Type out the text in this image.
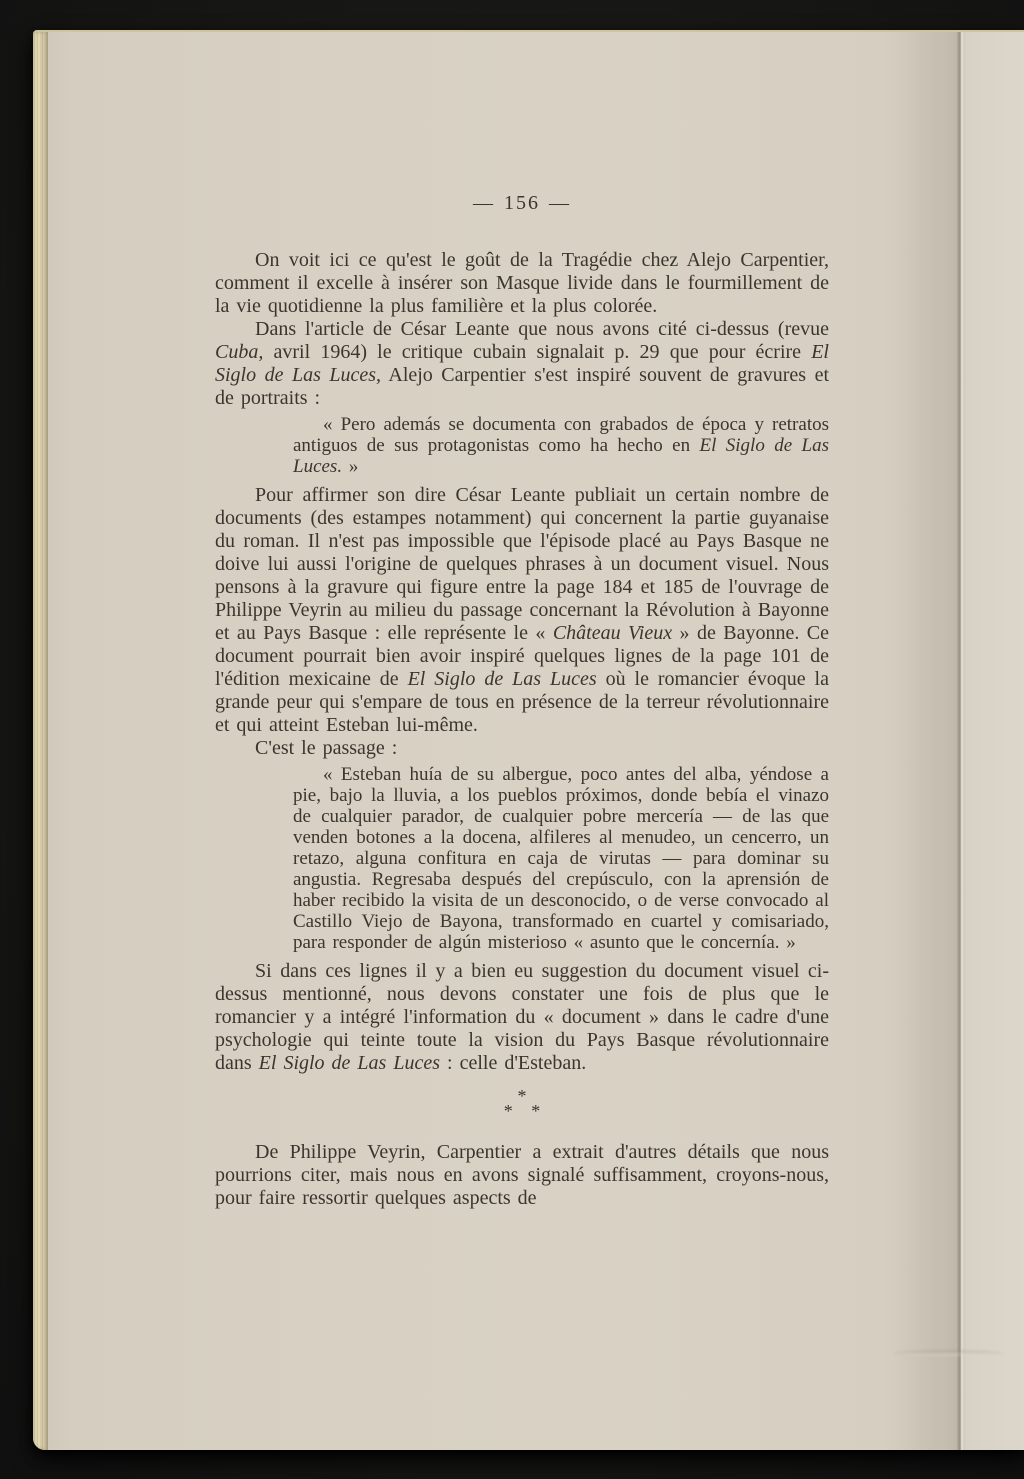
— 156 —

On voit ici ce qu'est le goût de la Tragédie chez Alejo Carpentier, comment il excelle à insérer son Masque livide dans le fourmillement de la vie quotidienne la plus familière et la plus colorée.

Dans l'article de César Leante que nous avons cité ci-dessus (revue Cuba, avril 1964) le critique cubain signalait p. 29 que pour écrire El Siglo de Las Luces, Alejo Carpentier s'est inspiré souvent de gravures et de portraits :

« Pero además se documenta con grabados de época y retratos antiguos de sus protagonistas como ha hecho en El Siglo de Las Luces. »

Pour affirmer son dire César Leante publiait un certain nombre de documents (des estampes notamment) qui concernent la partie guyanaise du roman. Il n'est pas impossible que l'épisode placé au Pays Basque ne doive lui aussi l'origine de quelques phrases à un document visuel. Nous pensons à la gravure qui figure entre la page 184 et 185 de l'ouvrage de Philippe Veyrin au milieu du passage concernant la Révolution à Bayonne et au Pays Basque : elle représente le « Château Vieux » de Bayonne. Ce document pourrait bien avoir inspiré quelques lignes de la page 101 de l'édition mexicaine de El Siglo de Las Luces où le romancier évoque la grande peur qui s'empare de tous en présence de la terreur révolutionnaire et qui atteint Esteban lui-même.

C'est le passage :

« Esteban huía de su albergue, poco antes del alba, yéndose a pie, bajo la lluvia, a los pueblos próximos, donde bebía el vinazo de cualquier parador, de cualquier pobre mercería — de las que venden botones a la docena, alfileres al menudeo, un cencerro, un retazo, alguna confitura en caja de virutas — para dominar su angustia. Regresaba después del crepúsculo, con la aprensión de haber recibido la visita de un desconocido, o de verse convocado al Castillo Viejo de Bayona, transformado en cuartel y comisariado, para responder de algún misterioso « asunto que le concernía. »

Si dans ces lignes il y a bien eu suggestion du document visuel ci-dessus mentionné, nous devons constater une fois de plus que le romancier y a intégré l'information du « document » dans le cadre d'une psychologie qui teinte toute la vision du Pays Basque révolutionnaire dans El Siglo de Las Luces : celle d'Esteban.

*
* *

De Philippe Veyrin, Carpentier a extrait d'autres détails que nous pourrions citer, mais nous en avons signalé suffisamment, croyons-nous, pour faire ressortir quelques aspects de
